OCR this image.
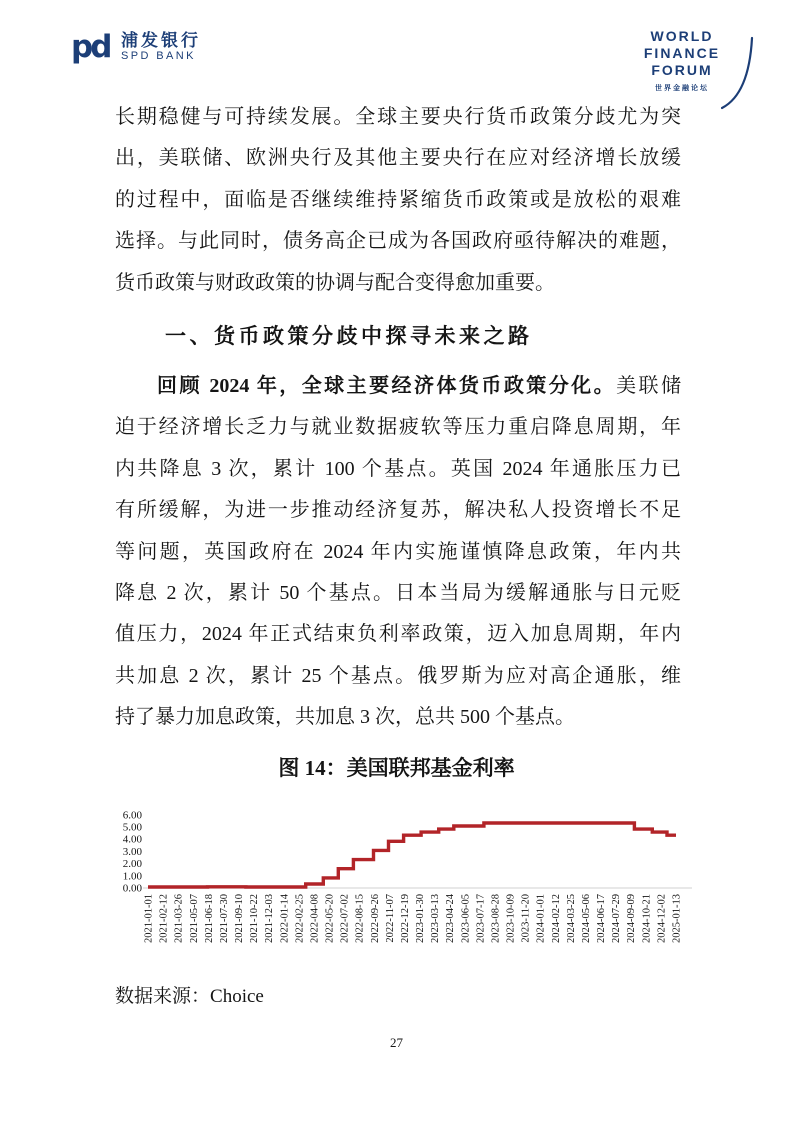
pd 浦发银行
SPD BANK
WORLD
FINANCE
FORUM
世界金融论坛
长期稳健与可持续发展。全球主要央行货币政策分歧尤为突
出，美联储、欧洲央行及其他主要央行在应对经济增长放缓
的过程中，面临是否继续维持紧缩货币政策或是放松的艰难
选择。与此同时，债务高企已成为各国政府亟待解决的难题，
货币政策与财政政策的协调与配合变得愈加重要。
一、货币政策分歧中探寻未来之路
回顾 2024 年，全球主要经济体货币政策分化。美联储
迫于经济增长乏力与就业数据疲软等压力重启降息周期，年
内共降息 3 次，累计 100 个基点。英国 2024 年通胀压力已
有所缓解，为进一步推动经济复苏，解决私人投资增长不足
等问题，英国政府在 2024 年内实施谨慎降息政策，年内共
降息 2 次，累计 50 个基点。日本当局为缓解通胀与日元贬
值压力，2024 年正式结束负利率政策，迈入加息周期，年内
共加息 2 次，累计 25 个基点。俄罗斯为应对高企通胀，维
持了暴力加息政策，共加息 3 次，总共 500 个基点。
图 14：美国联邦基金利率
6.00
5.00
4.00
3.00
2.00
1.00
0.00
2021-01-01 2021-02-12 2021-03-26 2021-05-07 2021-06-18 2021-07-30 2021-09-10 2021-10-22 2021-12-03 2022-01-14 2022-02-25 2022-04-08 2022-05-20 2022-07-02 2022-08-15 2022-09-26 2022-11-07 2022-12-19 2023-01-30 2023-03-13 2023-04-24 2023-06-05 2023-07-17 2023-08-28 2023-10-09 2023-11-20 2024-01-01 2024-02-12 2024-03-25 2024-05-06 2024-06-17 2024-07-29 2024-09-09 2024-10-21 2024-12-02 2025-01-13
数据来源：Choice
27
